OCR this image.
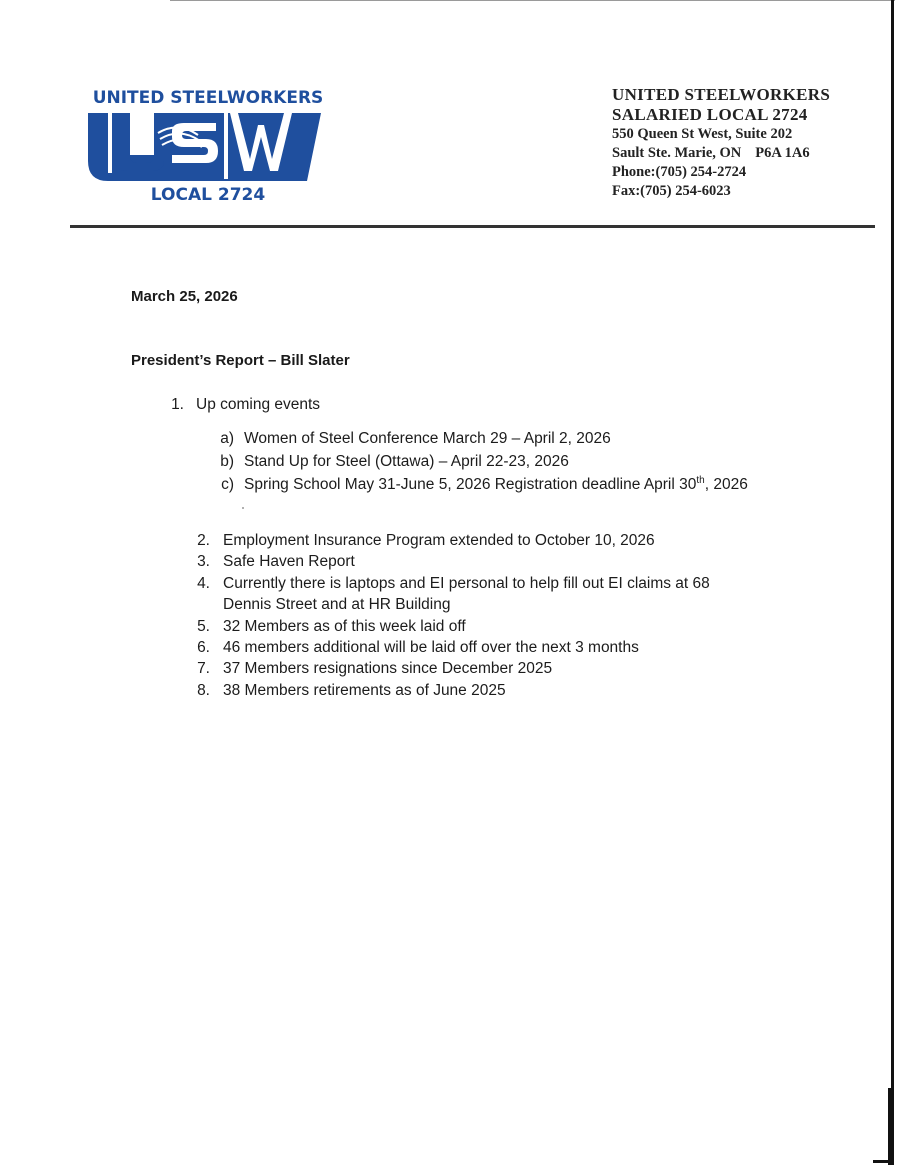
UNITED STEELWORKERS
LOCAL 2724
UNITED STEELWORKERS
SALARIED LOCAL 2724
550 Queen St West, Suite 202
Sault Ste. Marie, ON P6A 1A6
Phone:(705) 254-2724
Fax:(705) 254-6023
March 25, 2026
President’s Report – Bill Slater
1. Up coming events
a) Women of Steel Conference March 29 – April 2, 2026
b) Stand Up for Steel (Ottawa) – April 22-23, 2026
c) Spring School May 31-June 5, 2026 Registration deadline April 30th, 2026
2. Employment Insurance Program extended to October 10, 2026
3. Safe Haven Report
4. Currently there is laptops and EI personal to help fill out EI claims at 68
Dennis Street and at HR Building
5. 32 Members as of this week laid off
6. 46 members additional will be laid off over the next 3 months
7. 37 Members resignations since December 2025
8. 38 Members retirements as of June 2025
